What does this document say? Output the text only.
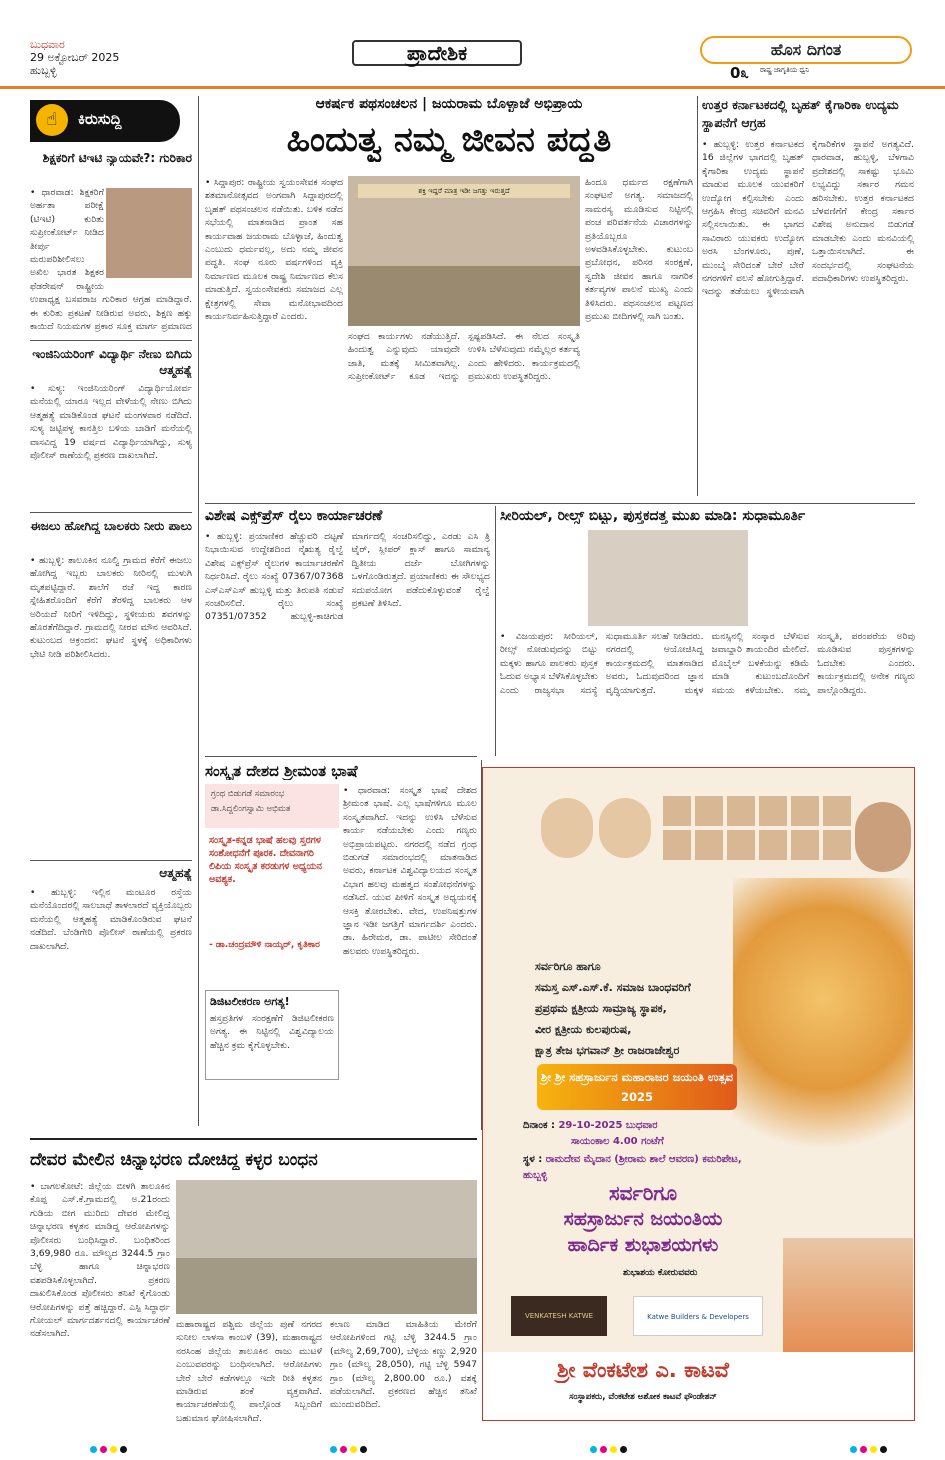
ಬುಧವಾರ
29 ಅಕ್ಟೋಬರ್ 2025
ಹುಬ್ಬಳ್ಳಿ
ಪ್ರಾದೇಶಿಕ	ಹೊಸ ದಿಗಂತ
ರಾಷ್ಟ್ರ ಜಾಗೃತಿಯ ಧ್ವನಿ
0೩
☝	ಕಿರುಸುದ್ದಿ
ಶಿಕ್ಷಕರಿಗೆ ಟಿಇಟಿ ನ್ಯಾಯವೇ?: ಗುರಿಕಾರ
• ಧಾರವಾಡ: ಶಿಕ್ಷಕರಿಗೆ ಅರ್ಹತಾ ಪರೀಕ್ಷೆ (ಟಿಇಟಿ) ಕುರಿತು ಸುಪ್ರೀಂಕೋರ್ಟ್ ನೀಡಿದ ತೀರ್ಪು ಮರುಪರಿಶೀಲಿಸಲು ಅಖಿಲ ಭಾರತ ಶಿಕ್ಷಕರ ಫೆಡರೇಷನ್ ರಾಷ್ಟ್ರೀಯ ಉಪಾಧ್ಯಕ್ಷ ಬಸವರಾಜ ಗುರಿಕಾರ ಆಗ್ರಹ ಮಾಡಿದ್ದಾರೆ. ಈ ಕುರಿತು ಪ್ರಕಟಣೆ ನೀಡಿರುವ ಅವರು, ಶಿಕ್ಷಣ ಹಕ್ಕು ಕಾಯಿದೆ ನಿಯಮಗಳ ಪ್ರಕಾರ ಸೂಕ್ತ ಮಾರ್ಗ ಪ್ರಮಾಣದ
ಇಂಜಿನಿಯರಿಂಗ್ ವಿದ್ಯಾರ್ಥಿ ನೇಣು ಬಿಗಿದು ಆತ್ಮಹತ್ಯೆ
• ಸುಳ್ಯ: ಇಂಜಿನಿಯರಿಂಗ್ ವಿದ್ಯಾರ್ಥಿಯೋರ್ವ ಮನೆಯಲ್ಲಿ ಯಾರೂ ಇಲ್ಲದ ವೇಳೆಯಲ್ಲಿ ನೇಣು ಬಿಗಿದು ಆತ್ಮಹತ್ಯೆ ಮಾಡಿಕೊಂಡ ಘಟನೆ ಮಂಗಳವಾರ ನಡೆದಿದೆ. ಸುಳ್ಯ ಜಟ್ಟಿಪಳ್ಳ ಕಾನತ್ತಿಲ ಬಳಿಯ ಬಾಡಿಗೆ ಮನೆಯಲ್ಲಿ ವಾಸವಿದ್ದ 19 ವರ್ಷದ ವಿದ್ಯಾರ್ಥಿಯಾಗಿದ್ದು, ಸುಳ್ಯ ಪೊಲೀಸ್ ಠಾಣೆಯಲ್ಲಿ ಪ್ರಕರಣ ದಾಖಲಾಗಿದೆ.
ಈಜಲು ಹೋಗಿದ್ದ ಬಾಲಕರು ನೀರು ಪಾಲು
• ಹುಬ್ಬಳ್ಳಿ: ತಾಲೂಕಿನ ನೂಲ್ವಿ ಗ್ರಾಮದ ಕೆರೆಗೆ ಈಜಲು ಹೋಗಿದ್ದ ಇಬ್ಬರು ಬಾಲಕರು ನೀರಿನಲ್ಲಿ ಮುಳುಗಿ ಮೃತಪಟ್ಟಿದ್ದಾರೆ. ಶಾಲೆಗೆ ರಜೆ ಇದ್ದ ಕಾರಣ ಸ್ನೇಹಿತರೊಂದಿಗೆ ಕೆರೆಗೆ ತೆರಳಿದ್ದ ಬಾಲಕರು ಆಳ ಅರಿಯದೆ ನೀರಿಗೆ ಇಳಿದಿದ್ದು, ಸ್ಥಳೀಯರು ಶವಗಳನ್ನು ಹೊರತೆಗೆದಿದ್ದಾರೆ. ಗ್ರಾಮದಲ್ಲಿ ನೀರವ ಮೌನ ಆವರಿಸಿದೆ. ಕುಟುಂಬದ ಆಕ್ರಂದನ: ಘಟನೆ ಸ್ಥಳಕ್ಕೆ ಅಧಿಕಾರಿಗಳು ಭೇಟಿ ನೀಡಿ ಪರಿಶೀಲಿಸಿದರು.
ಆತ್ಮಹತ್ಯೆ
• ಹುಬ್ಬಳ್ಳಿ: ಇಲ್ಲಿನ ಮಂಟೂರ ರಸ್ತೆಯ ಮನೆಯೊಂದರಲ್ಲಿ ಸಾಲಬಾಧೆ ತಾಳಲಾರದೆ ವ್ಯಕ್ತಿಯೊಬ್ಬರು ಮನೆಯಲ್ಲಿ ಆತ್ಮಹತ್ಯೆ ಮಾಡಿಕೊಂಡಿರುವ ಘಟನೆ ನಡೆದಿದೆ. ಬೆಂಡಿಗೇರಿ ಪೊಲೀಸ್ ಠಾಣೆಯಲ್ಲಿ ಪ್ರಕರಣ ದಾಖಲಾಗಿದೆ.
ಆಕರ್ಷಕ ಪಥಸಂಚಲನ | ಜಯರಾಮ ಬೊಳ್ಳಾಜೆ ಅಭಿಪ್ರಾಯ
ಹಿಂದುತ್ವ ನಮ್ಮ ಜೀವನ ಪದ್ಧತಿ
ಶಕ್ತಿ ಇದ್ದರೆ ಮಾತ್ರ ಇಡೀ ಜಗತ್ತು ಇರುತ್ತದೆ
• ಸಿದ್ದಾಪುರ: ರಾಷ್ಟ್ರೀಯ ಸ್ವಯಂಸೇವಕ ಸಂಘದ ಶತಮಾನೋತ್ಸವದ ಅಂಗವಾಗಿ ಸಿದ್ದಾಪುರದಲ್ಲಿ ಬೃಹತ್ ಪಥಸಂಚಲನ ನಡೆಯಿತು. ಬಳಿಕ ನಡೆದ ಸಭೆಯಲ್ಲಿ ಮಾತನಾಡಿದ ಪ್ರಾಂತ ಸಹ ಕಾರ್ಯವಾಹ ಜಯರಾಮ ಬೊಳ್ಳಾಜೆ, ಹಿಂದುತ್ವ ಎಂಬುದು ಧರ್ಮವಲ್ಲ, ಅದು ನಮ್ಮ ಜೀವನ ಪದ್ಧತಿ. ಸಂಘ ನೂರು ವರ್ಷಗಳಿಂದ ವ್ಯಕ್ತಿ ನಿರ್ಮಾಣದ ಮೂಲಕ ರಾಷ್ಟ್ರ ನಿರ್ಮಾಣದ ಕೆಲಸ ಮಾಡುತ್ತಿದೆ. ಸ್ವಯಂಸೇವಕರು ಸಮಾಜದ ಎಲ್ಲ ಕ್ಷೇತ್ರಗಳಲ್ಲಿ ಸೇವಾ ಮನೋಭಾವದಿಂದ ಕಾರ್ಯನಿರ್ವಹಿಸುತ್ತಿದ್ದಾರೆ ಎಂದರು.
ಸಂಘದ ಕಾರ್ಯಗಳು ನಡೆಯುತ್ತಿದೆ. ಹಿಂದುತ್ವ ಎನ್ನುವುದು ಯಾವುದೇ ಜಾತಿ, ಮತಕ್ಕೆ ಸೀಮಿತವಾಗಿಲ್ಲ. ಸುಪ್ರೀಂಕೋರ್ಟ್ ಕೂಡ ಇದನ್ನು ಸ್ಪಷ್ಟಪಡಿಸಿದೆ. ಈ ನೆಲದ ಸಂಸ್ಕೃತಿ ಉಳಿಸಿ ಬೆಳೆಸುವುದು ನಮ್ಮೆಲ್ಲರ ಕರ್ತವ್ಯ ಎಂದು ಹೇಳಿದರು. ಕಾರ್ಯಕ್ರಮದಲ್ಲಿ ಪ್ರಮುಖರು ಉಪಸ್ಥಿತರಿದ್ದರು.
ಹಿಂದೂ ಧರ್ಮದ ರಕ್ಷಣೆಗಾಗಿ ಸಂಘಟನೆ ಅಗತ್ಯ. ಸಮಾಜದಲ್ಲಿ ಸಾಮರಸ್ಯ ಮೂಡಿಸುವ ನಿಟ್ಟಿನಲ್ಲಿ ಪಂಚ ಪರಿವರ್ತನೆಯ ವಿಚಾರಗಳನ್ನು ಪ್ರತಿಯೊಬ್ಬರೂ ಅಳವಡಿಸಿಕೊಳ್ಳಬೇಕು. ಕುಟುಂಬ ಪ್ರಬೋಧನ, ಪರಿಸರ ಸಂರಕ್ಷಣೆ, ಸ್ವದೇಶಿ ಜೀವನ ಹಾಗೂ ನಾಗರಿಕ ಕರ್ತವ್ಯಗಳ ಪಾಲನೆ ಮುಖ್ಯ ಎಂದು ತಿಳಿಸಿದರು. ಪಥಸಂಚಲನ ಪಟ್ಟಣದ ಪ್ರಮುಖ ಬೀದಿಗಳಲ್ಲಿ ಸಾಗಿ ಬಂತು.
ಉತ್ತರ ಕರ್ನಾಟಕದಲ್ಲಿ ಬೃಹತ್ ಕೈಗಾರಿಕಾ ಉದ್ಯಮ ಸ್ಥಾಪನೆಗೆ ಆಗ್ರಹ
• ಹುಬ್ಬಳ್ಳಿ: ಉತ್ತರ ಕರ್ನಾಟಕದ 16 ಜಿಲ್ಲೆಗಳ ಭಾಗದಲ್ಲಿ ಬೃಹತ್ ಕೈಗಾರಿಕಾ ಉದ್ಯಮ ಸ್ಥಾಪನೆ ಮಾಡುವ ಮೂಲಕ ಯುವಕರಿಗೆ ಉದ್ಯೋಗ ಕಲ್ಪಿಸಬೇಕು ಎಂದು ಆಗ್ರಹಿಸಿ ಕೇಂದ್ರ ಸಚಿವರಿಗೆ ಮನವಿ ಸಲ್ಲಿಸಲಾಯಿತು. ಈ ಭಾಗದ ಸಾವಿರಾರು ಯುವಕರು ಉದ್ಯೋಗ ಅರಸಿ ಬೆಂಗಳೂರು, ಪುಣೆ, ಮುಂಬೈ ಸೇರಿದಂತೆ ಬೇರೆ ಬೇರೆ ನಗರಗಳಿಗೆ ವಲಸೆ ಹೋಗುತ್ತಿದ್ದಾರೆ. ಇದನ್ನು ತಡೆಯಲು ಸ್ಥಳೀಯವಾಗಿ ಕೈಗಾರಿಕೆಗಳ ಸ್ಥಾಪನೆ ಅಗತ್ಯವಿದೆ. ಧಾರವಾಡ, ಹುಬ್ಬಳ್ಳಿ, ಬೆಳಗಾವಿ ಪ್ರದೇಶದಲ್ಲಿ ಸಾಕಷ್ಟು ಭೂಮಿ ಲಭ್ಯವಿದ್ದು ಸರ್ಕಾರ ಗಮನ ಹರಿಸಬೇಕು. ಉತ್ತರ ಕರ್ನಾಟಕದ ಬೆಳವಣಿಗೆಗೆ ಕೇಂದ್ರ ಸರ್ಕಾರ ವಿಶೇಷ ಅನುದಾನ ಬಿಡುಗಡೆ ಮಾಡಬೇಕು ಎಂದು ಮನವಿಯಲ್ಲಿ ಒತ್ತಾಯಿಸಲಾಗಿದೆ. ಈ ಸಂದರ್ಭದಲ್ಲಿ ಸಂಘಟನೆಯ ಪದಾಧಿಕಾರಿಗಳು ಉಪಸ್ಥಿತರಿದ್ದರು.
ವಿಶೇಷ ಎಕ್ಸ್‌ಪ್ರೆಸ್ ರೈಲು ಕಾರ್ಯಾಚರಣೆ
• ಹುಬ್ಬಳ್ಳಿ: ಪ್ರಯಾಣಿಕರ ಹೆಚ್ಚುವರಿ ದಟ್ಟಣೆ ನಿಭಾಯಿಸುವ ಉದ್ದೇಶದಿಂದ ನೈಋತ್ಯ ರೈಲ್ವೆ ವಿಶೇಷ ಎಕ್ಸ್‌ಪ್ರೆಸ್ ರೈಲುಗಳ ಕಾರ್ಯಾಚರಣೆಗೆ ನಿರ್ಧರಿಸಿದೆ. ರೈಲು ಸಂಖ್ಯೆ 07367/07368 ಎಸ್‌ಎಸ್‌ಎಸ್ ಹುಬ್ಬಳ್ಳಿ ಮತ್ತು ತಿರುಪತಿ ನಡುವೆ ಸಂಚರಿಸಲಿದೆ. ರೈಲು ಸಂಖ್ಯೆ 07351/07352 ಹುಬ್ಬಳ್ಳಿ-ಕಾಚಿಗುಡ ಮಾರ್ಗದಲ್ಲಿ ಸಂಚರಿಸಲಿದ್ದು, ಎರಡು ಎಸಿ ತ್ರಿ ಟೈರ್, ಸ್ಲೀಪರ್ ಕ್ಲಾಸ್ ಹಾಗೂ ಸಾಮಾನ್ಯ ದ್ವಿತೀಯ ದರ್ಜೆ ಬೋಗಿಗಳನ್ನು ಒಳಗೊಂಡಿರುತ್ತದೆ. ಪ್ರಯಾಣಿಕರು ಈ ಸೌಲಭ್ಯದ ಸದುಪಯೋಗ ಪಡೆದುಕೊಳ್ಳುವಂತೆ ರೈಲ್ವೆ ಪ್ರಕಟಣೆ ತಿಳಿಸಿದೆ.
ಸೀರಿಯಲ್, ರೀಲ್ಸ್ ಬಿಟ್ಟು, ಪುಸ್ತಕದತ್ತ ಮುಖ ಮಾಡಿ: ಸುಧಾಮೂರ್ತಿ
• ವಿಜಯಪುರ: ಸೀರಿಯಲ್, ರೀಲ್ಸ್ ನೋಡುವುದನ್ನು ಬಿಟ್ಟು ಮಕ್ಕಳು ಹಾಗೂ ಪಾಲಕರು ಪುಸ್ತಕ ಓದುವ ಅಭ್ಯಾಸ ಬೆಳೆಸಿಕೊಳ್ಳಬೇಕು ಎಂದು ರಾಜ್ಯಸಭಾ ಸದಸ್ಯೆ ಸುಧಾಮೂರ್ತಿ ಸಲಹೆ ನೀಡಿದರು. ನಗರದಲ್ಲಿ ಆಯೋಜಿಸಿದ್ದ ಕಾರ್ಯಕ್ರಮದಲ್ಲಿ ಮಾತನಾಡಿದ ಅವರು, ಓದುವುದರಿಂದ ಜ್ಞಾನ ವೃದ್ಧಿಯಾಗುತ್ತದೆ. ಮಕ್ಕಳ ಮನಸ್ಸಿನಲ್ಲಿ ಸಂಸ್ಕಾರ ಬೆಳೆಸುವ ಜವಾಬ್ದಾರಿ ತಾಯಂದಿರ ಮೇಲಿದೆ. ಮೊಬೈಲ್ ಬಳಕೆಯನ್ನು ಕಡಿಮೆ ಮಾಡಿ ಕುಟುಂಬದೊಂದಿಗೆ ಸಮಯ ಕಳೆಯಬೇಕು. ನಮ್ಮ ಸಂಸ್ಕೃತಿ, ಪರಂಪರೆಯ ಅರಿವು ಮೂಡಿಸುವ ಪುಸ್ತಕಗಳನ್ನು ಓದಬೇಕು ಎಂದರು. ಕಾರ್ಯಕ್ರಮದಲ್ಲಿ ಅನೇಕ ಗಣ್ಯರು ಪಾಲ್ಗೊಂಡಿದ್ದರು.
ಸಂಸ್ಕೃತ ದೇಶದ ಶ್ರೀಮಂತ ಭಾಷೆ
ಗ್ರಂಥ ಬಿಡುಗಡೆ ಸಮಾರಂಭ
ಡಾ.ಸಿದ್ದಲಿಂಗಸ್ವಾಮಿ ಅಭಿಮತ
ಸಂಸ್ಕೃತ-ಕನ್ನಡ ಭಾಷೆ ಹಲವು ಸ್ತರಗಳ ಸಂಶೋಧನೆಗೆ ಪೂರಕ. ದೇವನಾಗರಿ ಲಿಪಿಯ ಸಂಸ್ಕೃತ ಕರಡುಗಳ ಅಧ್ಯಯನ ಅವಶ್ಯಕ.
- ಡಾ.ಚಂದ್ರಮೌಳಿ ನಾಯ್ಕರ್, ಕೃತಿಕಾರ
ಡಿಜಿಟಲೀಕರಣ ಅಗತ್ಯ!
ಹಸ್ತಪ್ರತಿಗಳ ಸಂರಕ್ಷಣೆಗೆ ಡಿಜಿಟಲೀಕರಣ ಅಗತ್ಯ. ಈ ನಿಟ್ಟಿನಲ್ಲಿ ವಿಶ್ವವಿದ್ಯಾಲಯ ಹೆಚ್ಚಿನ ಕ್ರಮ ಕೈಗೊಳ್ಳಬೇಕು.
• ಧಾರವಾಡ: ಸಂಸ್ಕೃತ ಭಾಷೆ ದೇಶದ ಶ್ರೀಮಂತ ಭಾಷೆ. ಎಲ್ಲ ಭಾಷೆಗಳಿಗೂ ಮೂಲ ಸಂಸ್ಕೃತವಾಗಿದೆ. ಇದನ್ನು ಉಳಿಸಿ ಬೆಳೆಸುವ ಕಾರ್ಯ ನಡೆಯಬೇಕು ಎಂದು ಗಣ್ಯರು ಅಭಿಪ್ರಾಯಪಟ್ಟರು. ನಗರದಲ್ಲಿ ನಡೆದ ಗ್ರಂಥ ಬಿಡುಗಡೆ ಸಮಾರಂಭದಲ್ಲಿ ಮಾತನಾಡಿದ ಅವರು, ಕರ್ನಾಟಕ ವಿಶ್ವವಿದ್ಯಾಲಯದ ಸಂಸ್ಕೃತ ವಿಭಾಗ ಹಲವು ಮಹತ್ವದ ಸಂಶೋಧನೆಗಳನ್ನು ನಡೆಸಿದೆ. ಯುವ ಪೀಳಿಗೆ ಸಂಸ್ಕೃತ ಅಧ್ಯಯನಕ್ಕೆ ಆಸಕ್ತಿ ತೋರಬೇಕು. ವೇದ, ಉಪನಿಷತ್ತುಗಳ ಜ್ಞಾನ ಇಡೀ ಜಗತ್ತಿಗೆ ಮಾರ್ಗದರ್ಶಿ ಎಂದರು. ಡಾ. ಹಿರೇಮಠ, ಡಾ. ಪಾಟೀಲ ಸೇರಿದಂತೆ ಹಲವರು ಉಪಸ್ಥಿತರಿದ್ದರು.
ಸರ್ವರಿಗೂ ಹಾಗೂ
ಸಮಸ್ತ ಎಸ್.ಎಸ್.ಕೆ. ಸಮಾಜ ಬಾಂಧವರಿಗೆ
ಪ್ರಪ್ರಥಮ ಕ್ಷತ್ರೀಯ ಸಾಮ್ರಾಜ್ಯ ಸ್ಥಾಪಕ,
ವೀರ ಕ್ಷತ್ರೀಯ ಕುಲಪುರುಷ,
ಕ್ಷಾತ್ರ ತೇಜ ಭಗವಾನ್ ಶ್ರೀ ರಾಜರಾಜೇಶ್ವರ
ಶ್ರೀ ಶ್ರೀ ಸಹಸ್ರಾರ್ಜುನ ಮಹಾರಾಜರ ಜಯಂತಿ ಉತ್ಸವ 2025
ದಿನಾಂಕ : 29-10-2025 ಬುಧವಾರ
ಸಾಯಂಕಾಲ 4.00 ಗಂಟೆಗೆ
ಸ್ಥಳ : ರಾಮದೇವ ಮೈದಾನ (ಶ್ರೀರಾಮ ಶಾಲೆ ಆವರಣ) ಕಮರಿಪೇಟ, ಹುಬ್ಬಳ್ಳಿ
ಸರ್ವರಿಗೂ
ಸಹಸ್ರಾರ್ಜುನ ಜಯಂತಿಯ
ಹಾರ್ದಿಕ ಶುಭಾಶಯಗಳು
ಶುಭಾಶಯ ಕೋರುವವರು
VENKATESH KATWE	Katwe Builders & Developers
ಶ್ರೀ ವೆಂಕಟೇಶ ಎ. ಕಾಟವೆ
ಸಂಸ್ಥಾಪಕರು, ವೆಂಕಟೇಶ ಅಶೋಕ ಕಾಟವೆ ಫೌಂಡೇಶನ್
ದೇವರ ಮೇಲಿನ ಚಿನ್ನಾಭರಣ ದೋಚಿದ್ದ ಕಳ್ಳರ ಬಂಧನ
• ಬಾಗಲಕೋಟೆ: ಜಿಲ್ಲೆಯ ಬೀಳಗಿ ತಾಲೂಕಿನ ಕೊಪ್ಪ ಎಸ್.ಕೆ.ಗ್ರಾಮದಲ್ಲಿ ಅ.21ರಂದು ಗುಡಿಯ ಬೀಗ ಮುರಿದು ದೇವರ ಮೇಲಿದ್ದ ಚಿನ್ನಾಭರಣ ಕಳ್ಳತನ ಮಾಡಿದ್ದ ಆರೋಪಿಗಳನ್ನು ಪೊಲೀಸರು ಬಂಧಿಸಿದ್ದಾರೆ. ಬಂಧಿತರಿಂದ 3,69,980 ರೂ. ಮೌಲ್ಯದ 3244.5 ಗ್ರಾಂ ಬೆಳ್ಳಿ ಹಾಗೂ ಚಿನ್ನಾಭರಣ ವಶಪಡಿಸಿಕೊಳ್ಳಲಾಗಿದೆ. ಪ್ರಕರಣ ದಾಖಲಿಸಿಕೊಂಡ ಪೊಲೀಸರು ತನಿಖೆ ಕೈಗೊಂಡು ಆರೋಪಿಗಳನ್ನು ಪತ್ತೆ ಹಚ್ಚಿದ್ದಾರೆ. ಎಸ್ಪಿ ಸಿದ್ಧಾರ್ಥ ಗೋಯಲ್ ಮಾರ್ಗದರ್ಶನದಲ್ಲಿ ಕಾರ್ಯಾಚರಣೆ ನಡೆಸಲಾಗಿದೆ.
ಮಹಾರಾಷ್ಟ್ರದ ಪಶ್ಚಿಮ ಜಿಲ್ಲೆಯ ಪುಣೆ ನಗರದ ಸುನೀಲ ಲಾಳಸಾ ಕಾಂಬಳೆ (39), ಮಹಾರಾಷ್ಟ್ರದ ನರಸಿಂಹ ಜಿಲ್ಲೆಯ ತಾಲೂಕಿನ ರಾಜು ಮುಟಳೆ ಎಂಬುವವರನ್ನು ಬಂಧಿಸಲಾಗಿದೆ. ಆರೋಪಿಗಳು ಬೇರೆ ಬೇರೆ ಕಡೆಗಳಲ್ಲೂ ಇದೇ ರೀತಿ ಕಳ್ಳತನ ಮಾಡಿರುವ ಶಂಕೆ ವ್ಯಕ್ತವಾಗಿದೆ. ಕಾರ್ಯಾಚರಣೆಯಲ್ಲಿ ಪಾಲ್ಗೊಂಡ ಸಿಬ್ಬಂದಿಗೆ ಬಹುಮಾನ ಘೋಷಿಸಲಾಗಿದೆ.
ಕಲಾಣ ಮಾಡಿದ ಮಾಹಿತಿಯ ಮೇರೆಗೆ ಆರೋಪಿಗಳಿಂದ ಗಟ್ಟಿ ಬೆಳ್ಳಿ 3244.5 ಗ್ರಾಂ (ಮೌಲ್ಯ 2,69,700), ಬೆಳ್ಳಿಯ ಕಣ್ಣು 2,920 ಗ್ರಾಂ (ಮೌಲ್ಯ 28,050), ಗಟ್ಟಿ ಬೆಳ್ಳಿ 5947 ಗ್ರಾಂ (ಮೌಲ್ಯ 2,800.00 ರೂ.) ವಶಕ್ಕೆ ಪಡೆಯಲಾಗಿದೆ. ಪ್ರಕರಣದ ಹೆಚ್ಚಿನ ತನಿಖೆ ಮುಂದುವರಿದಿದೆ.
